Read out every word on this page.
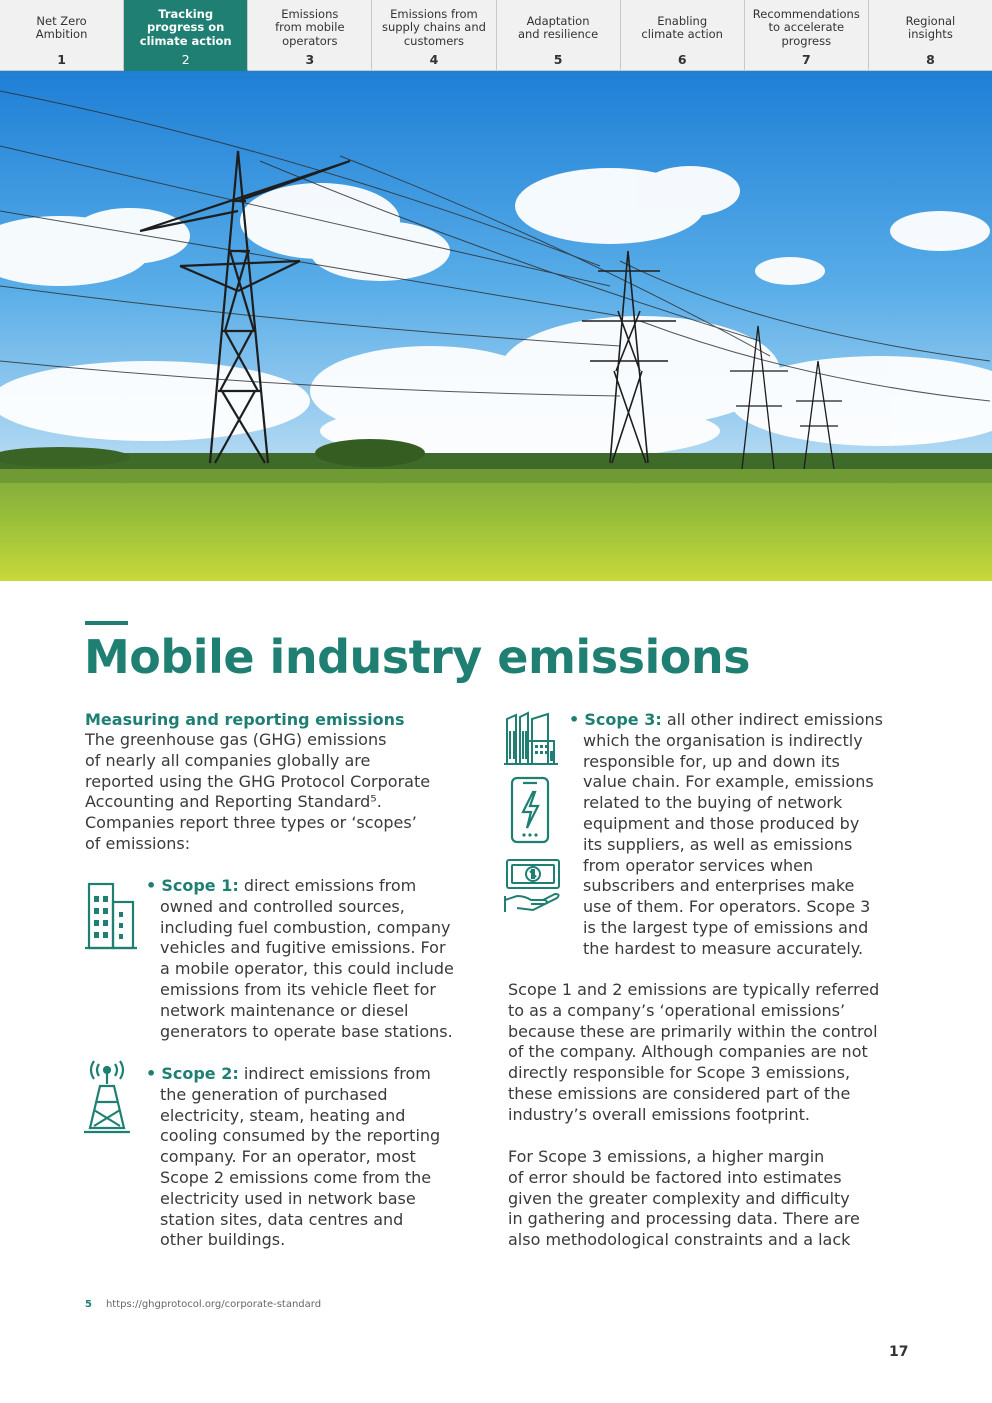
Net Zero
Ambition
1
Tracking
progress on
climate action
2
Emissions
from mobile
operators
3
Emissions from
supply chains and
customers
4
Adaptation
and resilience
5
Enabling
climate action
6
Recommendations
to accelerate
progress
7
Regional
insights
8
Mobile industry emissions
Measuring and reporting emissions

The greenhouse gas (GHG) emissions
of nearly all companies globally are
reported using the GHG Protocol Corporate
Accounting and Reporting Standard⁵.
Companies report three types or ‘scopes’
of emissions:

• Scope 1: direct emissions from
owned and controlled sources,
including fuel combustion, company
vehicles and fugitive emissions. For
a mobile operator, this could include
emissions from its vehicle fleet for
network maintenance or diesel
generators to operate base stations.
• Scope 2: indirect emissions from
the generation of purchased
electricity, steam, heating and
cooling consumed by the reporting
company. For an operator, most
Scope 2 emissions come from the
electricity used in network base
station sites, data centres and
other buildings.
• Scope 3: all other indirect emissions
which the organisation is indirectly
responsible for, up and down its
value chain. For example, emissions
related to the buying of network
equipment and those produced by
its suppliers, as well as emissions
from operator services when
subscribers and enterprises make
use of them. For operators. Scope 3
is the largest type of emissions and
the hardest to measure accurately.

Scope 1 and 2 emissions are typically referred
to as a company’s ‘operational emissions’
because these are primarily within the control
of the company. Although companies are not
directly responsible for Scope 3 emissions,
these emissions are considered part of the
industry’s overall emissions footprint.

For Scope 3 emissions, a higher margin
of error should be factored into estimates
given the greater complexity and difficulty
in gathering and processing data. There are
also methodological constraints and a lack

5 https://ghgprotocol.org/corporate-standard
17
